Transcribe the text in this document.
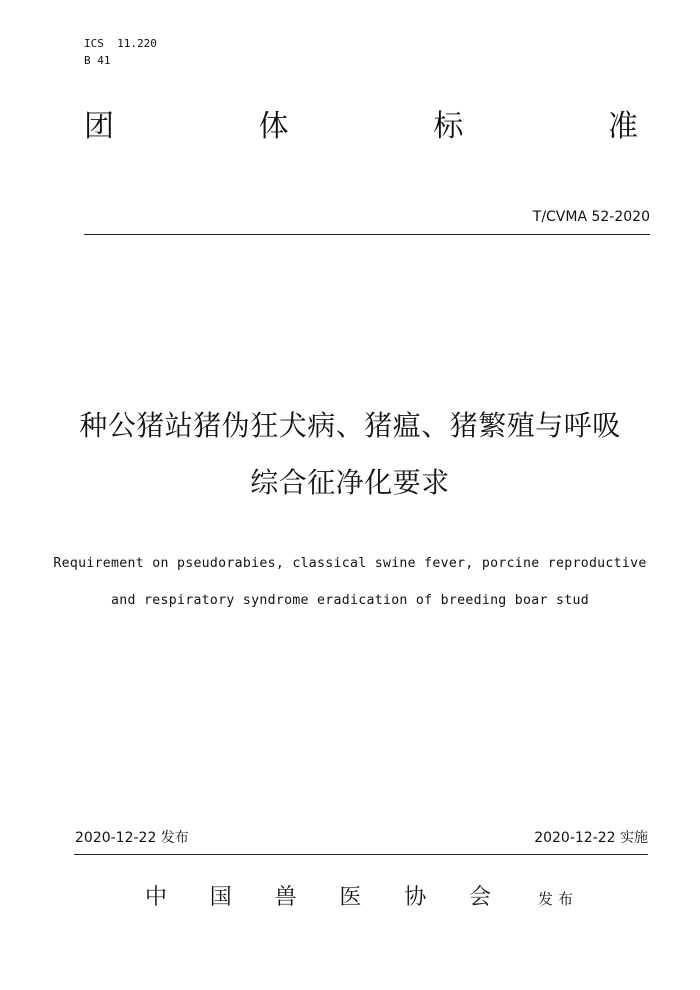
ICS  11.220
B 41
团	体	标	准
T/CVMA 52-2020
种公猪站猪伪狂犬病、猪瘟、猪繁殖与呼吸
综合征净化要求
Requirement on pseudorabies, classical swine fever, porcine reproductive
and respiratory syndrome eradication of breeding boar stud
2020-12-22 发布	2020-12-22 实施
中 国 兽 医 协 会	发布
